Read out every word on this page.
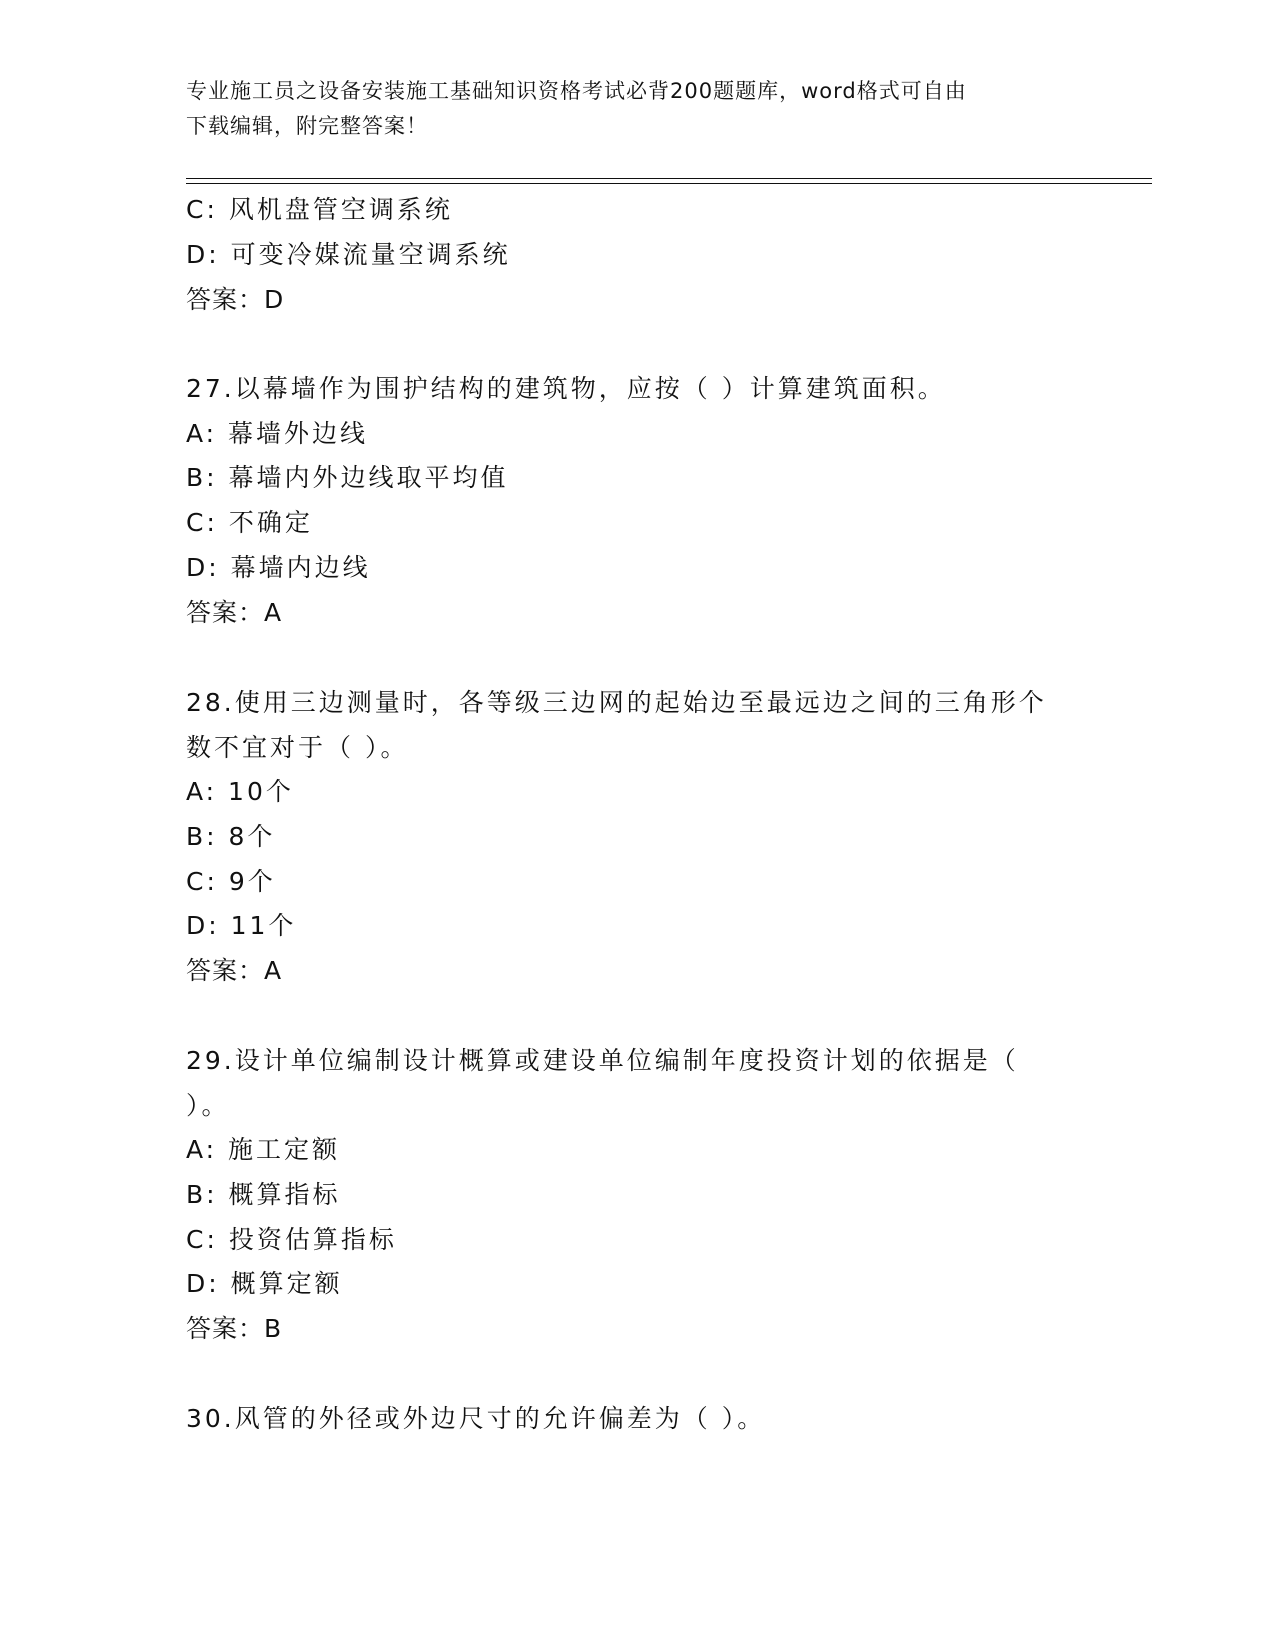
专业施工员之设备安装施工基础知识资格考试必背200题题库，word格式可自由
下载编辑，附完整答案！
C: 风机盘管空调系统
D: 可变冷媒流量空调系统
答案：D
27.以幕墙作为围护结构的建筑物，应按（ ）计算建筑面积。
A: 幕墙外边线
B: 幕墙内外边线取平均值
C: 不确定
D: 幕墙内边线
答案：A
28.使用三边测量时，各等级三边网的起始边至最远边之间的三角形个
数不宜对于（ ）。
A: 10个
B: 8个
C: 9个
D: 11个
答案：A
29.设计单位编制设计概算或建设单位编制年度投资计划的依据是（
）。
A: 施工定额
B: 概算指标
C: 投资估算指标
D: 概算定额
答案：B
30.风管的外径或外边尺寸的允许偏差为（ ）。
